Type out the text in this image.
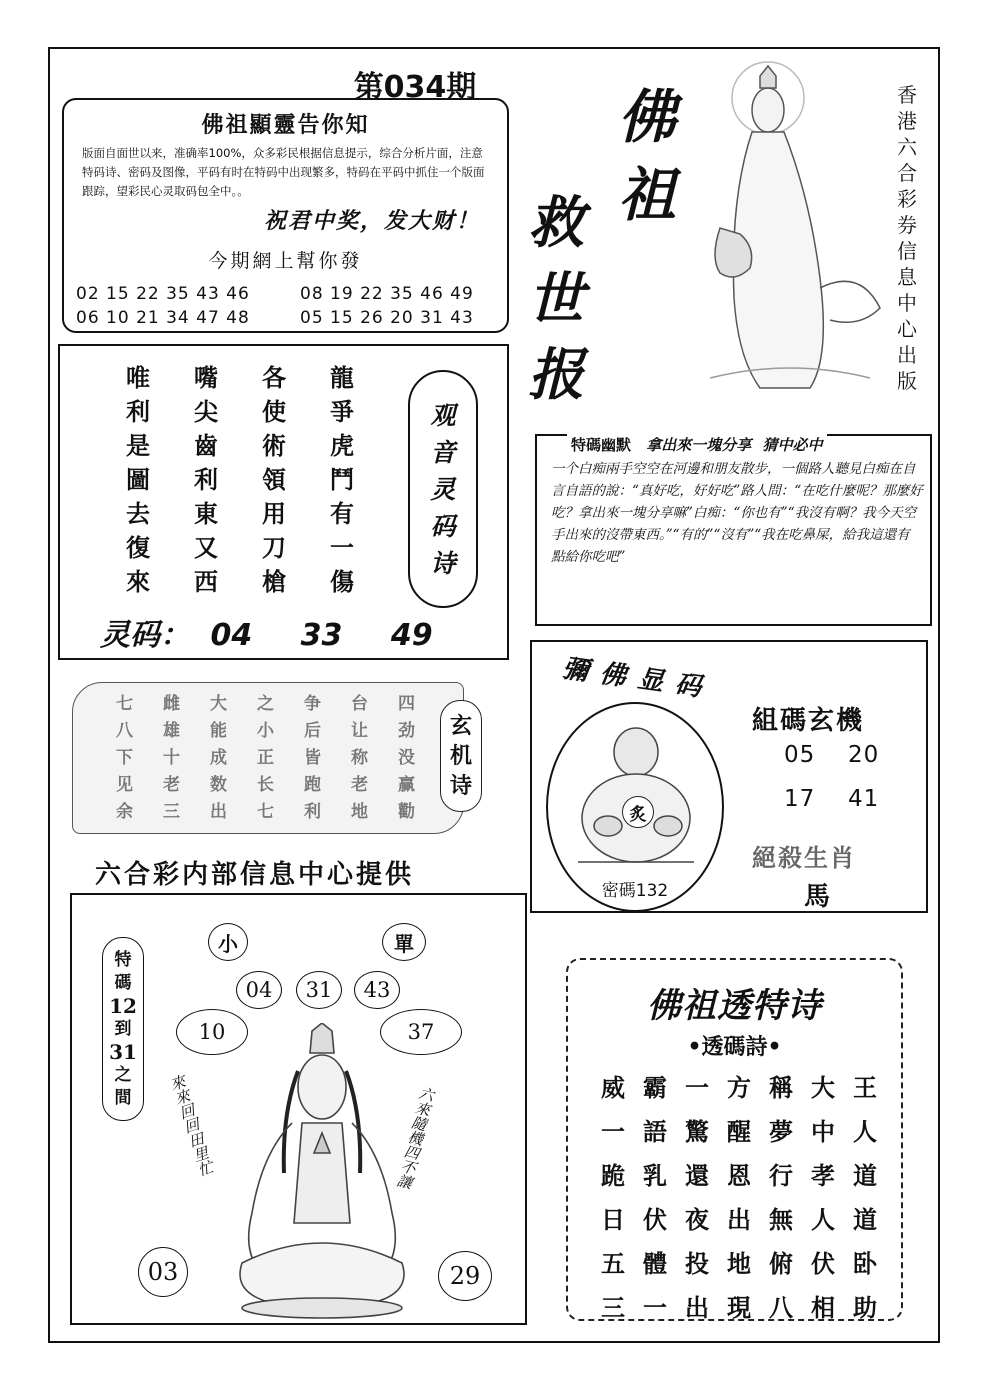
第034期
佛祖顯靈告你知
版面自面世以来，准确率100%，众多彩民根据信息提示，综合分析片面，注意特码诗、密码及图像，平码有时在特码中出现繁多，特码在平码中抓住一个版面跟踪，望彩民心灵取码包全中。。
祝君中奖，发大财！
今期網上幫你發
02 15 22 35 43 46
06 10 21 34 47 48
08 19 22 35 46 49
05 15 26 20 31 43
唯	嘴	各	龍
利	尖	使	爭
是	齒	術	虎
圖	利	領	鬥
去	東	用	有
復	又	刀	一
來	西	槍	傷
观
音
灵
码
诗
灵码： 04 33 49
七	雌	大	之	争	台	四
八	雄	能	小	后	让	劲
下	十	成	正	皆	称	没
见	老	数	长	跑	老	赢
余	三	出	七	利	地	勸
玄
机
诗
六合彩内部信息中心提供
小	單
04	31	43
10	37
03	29
特
碼
12
到
31
之
間 來來回回田里忙	六來隨機四不讓
佛
祖
救
世
报
香
港
六
合
彩
券
信
息
中
心
出
版
特碼幽默 拿出來一塊分享 猜中必中
一个白痴兩手空空在河邊和朋友散步，一個路人聽見白痴在自言自語的說：“真好吃，好好吃”路人問：“在吃什麼呢？那麼好吃？拿出來一塊分享嘛”白痴：“你也有”“我沒有啊？我今天空手出來的沒帶東西。”“有的”“沒有”“我在吃鼻屎，給我這還有點給你吃吧”
彌佛显码
炙
密碼132
組碼玄機
05 20
17 41
絕殺生肖
馬
佛祖透特诗
•透碼詩•
威 霸 一 方 稱 大 王
一 語 驚 醒 夢 中 人
跪 乳 還 恩 行 孝 道
日 伏 夜 出 無 人 道
五 體 投 地 俯 伏 卧
三 一 出 現 八 相 助
